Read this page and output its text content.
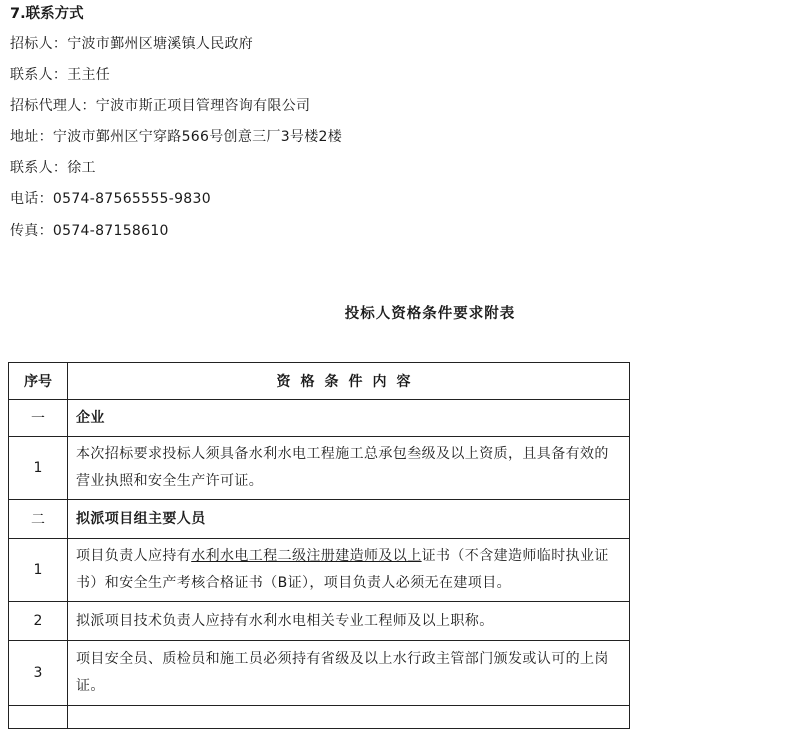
7.联系方式
招标人：宁波市鄞州区塘溪镇人民政府
联系人：王主任
招标代理人：宁波市斯正项目管理咨询有限公司
地址：宁波市鄞州区宁穿路566号创意三厂3号楼2楼
联系人：徐工
电话：0574-87565555-9830
传真：0574-87158610
投标人资格条件要求附表
序号	资格条件内容
一	企业
1	本次招标要求投标人须具备水利水电工程施工总承包叁级及以上资质，且具备有效的营业执照和安全生产许可证。
二	拟派项目组主要人员
1	项目负责人应持有水利水电工程二级注册建造师及以上证书（不含建造师临时执业证书）和安全生产考核合格证书（B证），项目负责人必须无在建项目。
2	拟派项目技术负责人应持有水利水电相关专业工程师及以上职称。
3	项目安全员、质检员和施工员必须持有省级及以上水行政主管部门颁发或认可的上岗证。
